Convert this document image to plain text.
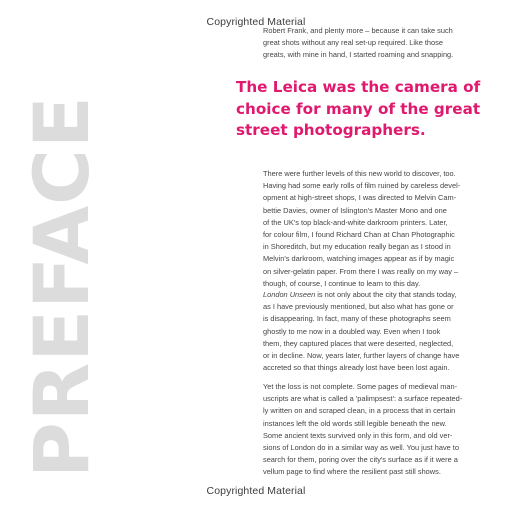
Copyrighted Material
PREFACE

Robert Frank, and plenty more – because it can take such

great shots without any real set-up required. Like those

greats, with mine in hand, I started roaming and snapping.

The Leica was the camera of
choice for many of the great
street photographers.

There were further levels of this new world to discover, too.

Having had some early rolls of film ruined by careless devel-

opment at high-street shops, I was directed to Melvin Cam-

bettie Davies, owner of Islington's Master Mono and one

of the UK's top black-and-white darkroom printers. Later,

for colour film, I found Richard Chan at Chan Photographic

in Shoreditch, but my education really began as I stood in

Melvin's darkroom, watching images appear as if by magic

on silver-gelatin paper. From there I was really on my way –

though, of course, I continue to learn to this day.

London Unseen is not only about the city that stands today,

as I have previously mentioned, but also what has gone or

is disappearing. In fact, many of these photographs seem

ghostly to me now in a doubled way. Even when I took

them, they captured places that were deserted, neglected,

or in decline. Now, years later, further layers of change have

accreted so that things already lost have been lost again.

Yet the loss is not complete. Some pages of medieval man-

uscripts are what is called a 'palimpsest': a surface repeated-

ly written on and scraped clean, in a process that in certain

instances left the old words still legible beneath the new.

Some ancient texts survived only in this form, and old ver-

sions of London do in a similar way as well. You just have to

search for them, poring over the city's surface as if it were a

vellum page to find where the resilient past still shows.

Copyrighted Material
